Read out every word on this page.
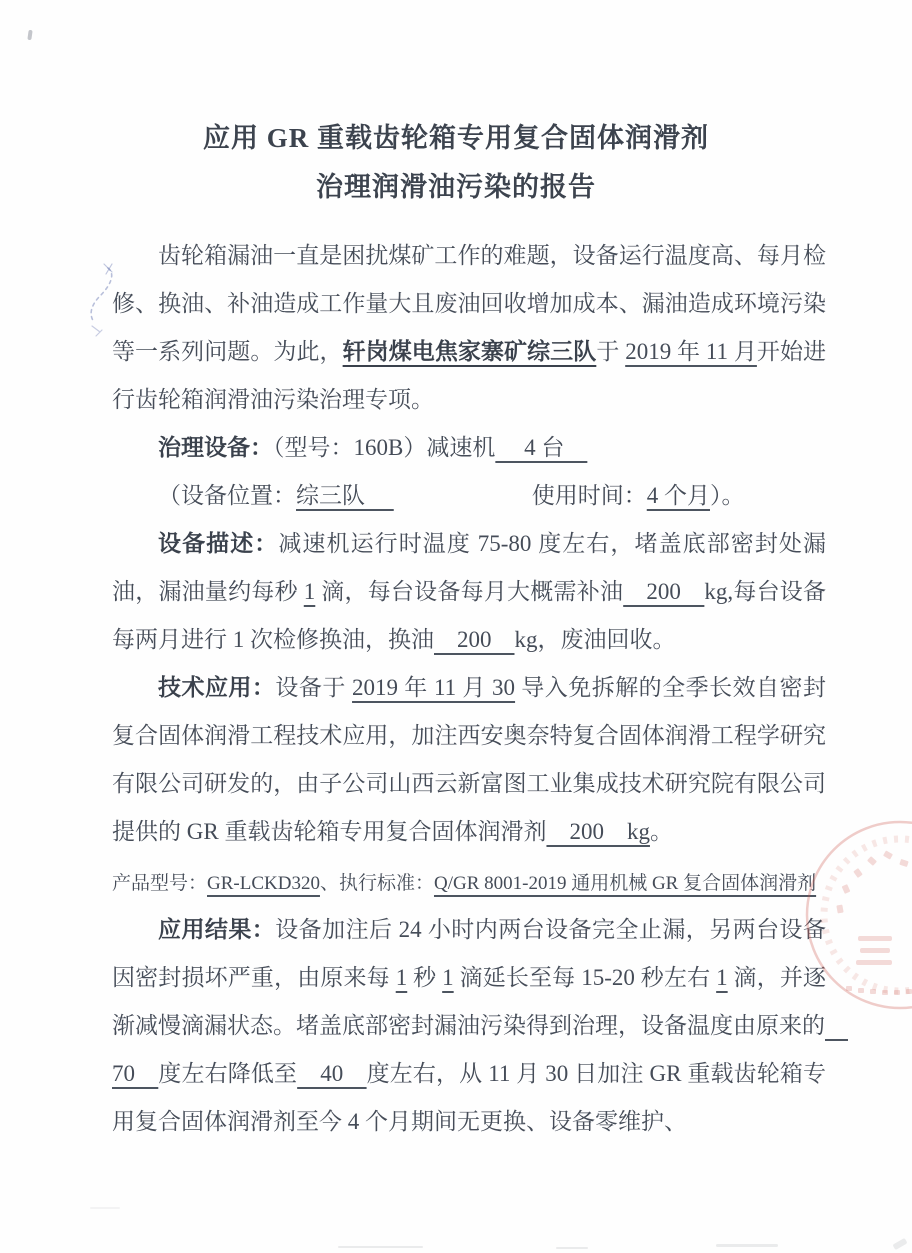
应用 GR 重载齿轮箱专用复合固体润滑剂
治理润滑油污染的报告

齿轮箱漏油一直是困扰煤矿工作的难题，设备运行温度高、每月检修、换油、补油造成工作量大且废油回收增加成本、漏油造成环境污染等一系列问题。为此，轩岗煤电焦家寨矿综三队于 2019 年 11 月开始进行齿轮箱润滑油污染治理专项。

治理设备：（型号：160B）减速机　 4 台　

（设备位置：综三队　 　　　　　　	使用时间：4 个月）。

设备描述：减速机运行时温度 75-80 度左右，堵盖底部密封处漏油，漏油量约每秒 1 滴，每台设备每月大概需补油　200　kg,每台设备每两月进行 1 次检修换油，换油　200　kg，废油回收。

技术应用：设备于 2019 年 11 月 30 导入免拆解的全季长效自密封复合固体润滑工程技术应用，加注西安奥奈特复合固体润滑工程学研究有限公司研发的，由子公司山西云新富图工业集成技术研究院有限公司提供的 GR 重载齿轮箱专用复合固体润滑剂　200　kg。

产品型号：GR-LCKD320、执行标准：Q/GR 8001-2019 通用机械 GR 复合固体润滑剂

应用结果：设备加注后 24 小时内两台设备完全止漏，另两台设备因密封损坏严重，由原来每 1 秒 1 滴延长至每 15-20 秒左右 1 滴，并逐渐减慢滴漏状态。堵盖底部密封漏油污染得到治理，设备温度由原来的　70　度左右降低至　40　度左右，从 11 月 30 日加注 GR 重载齿轮箱专用复合固体润滑剂至今 4 个月期间无更换、设备零维护、
